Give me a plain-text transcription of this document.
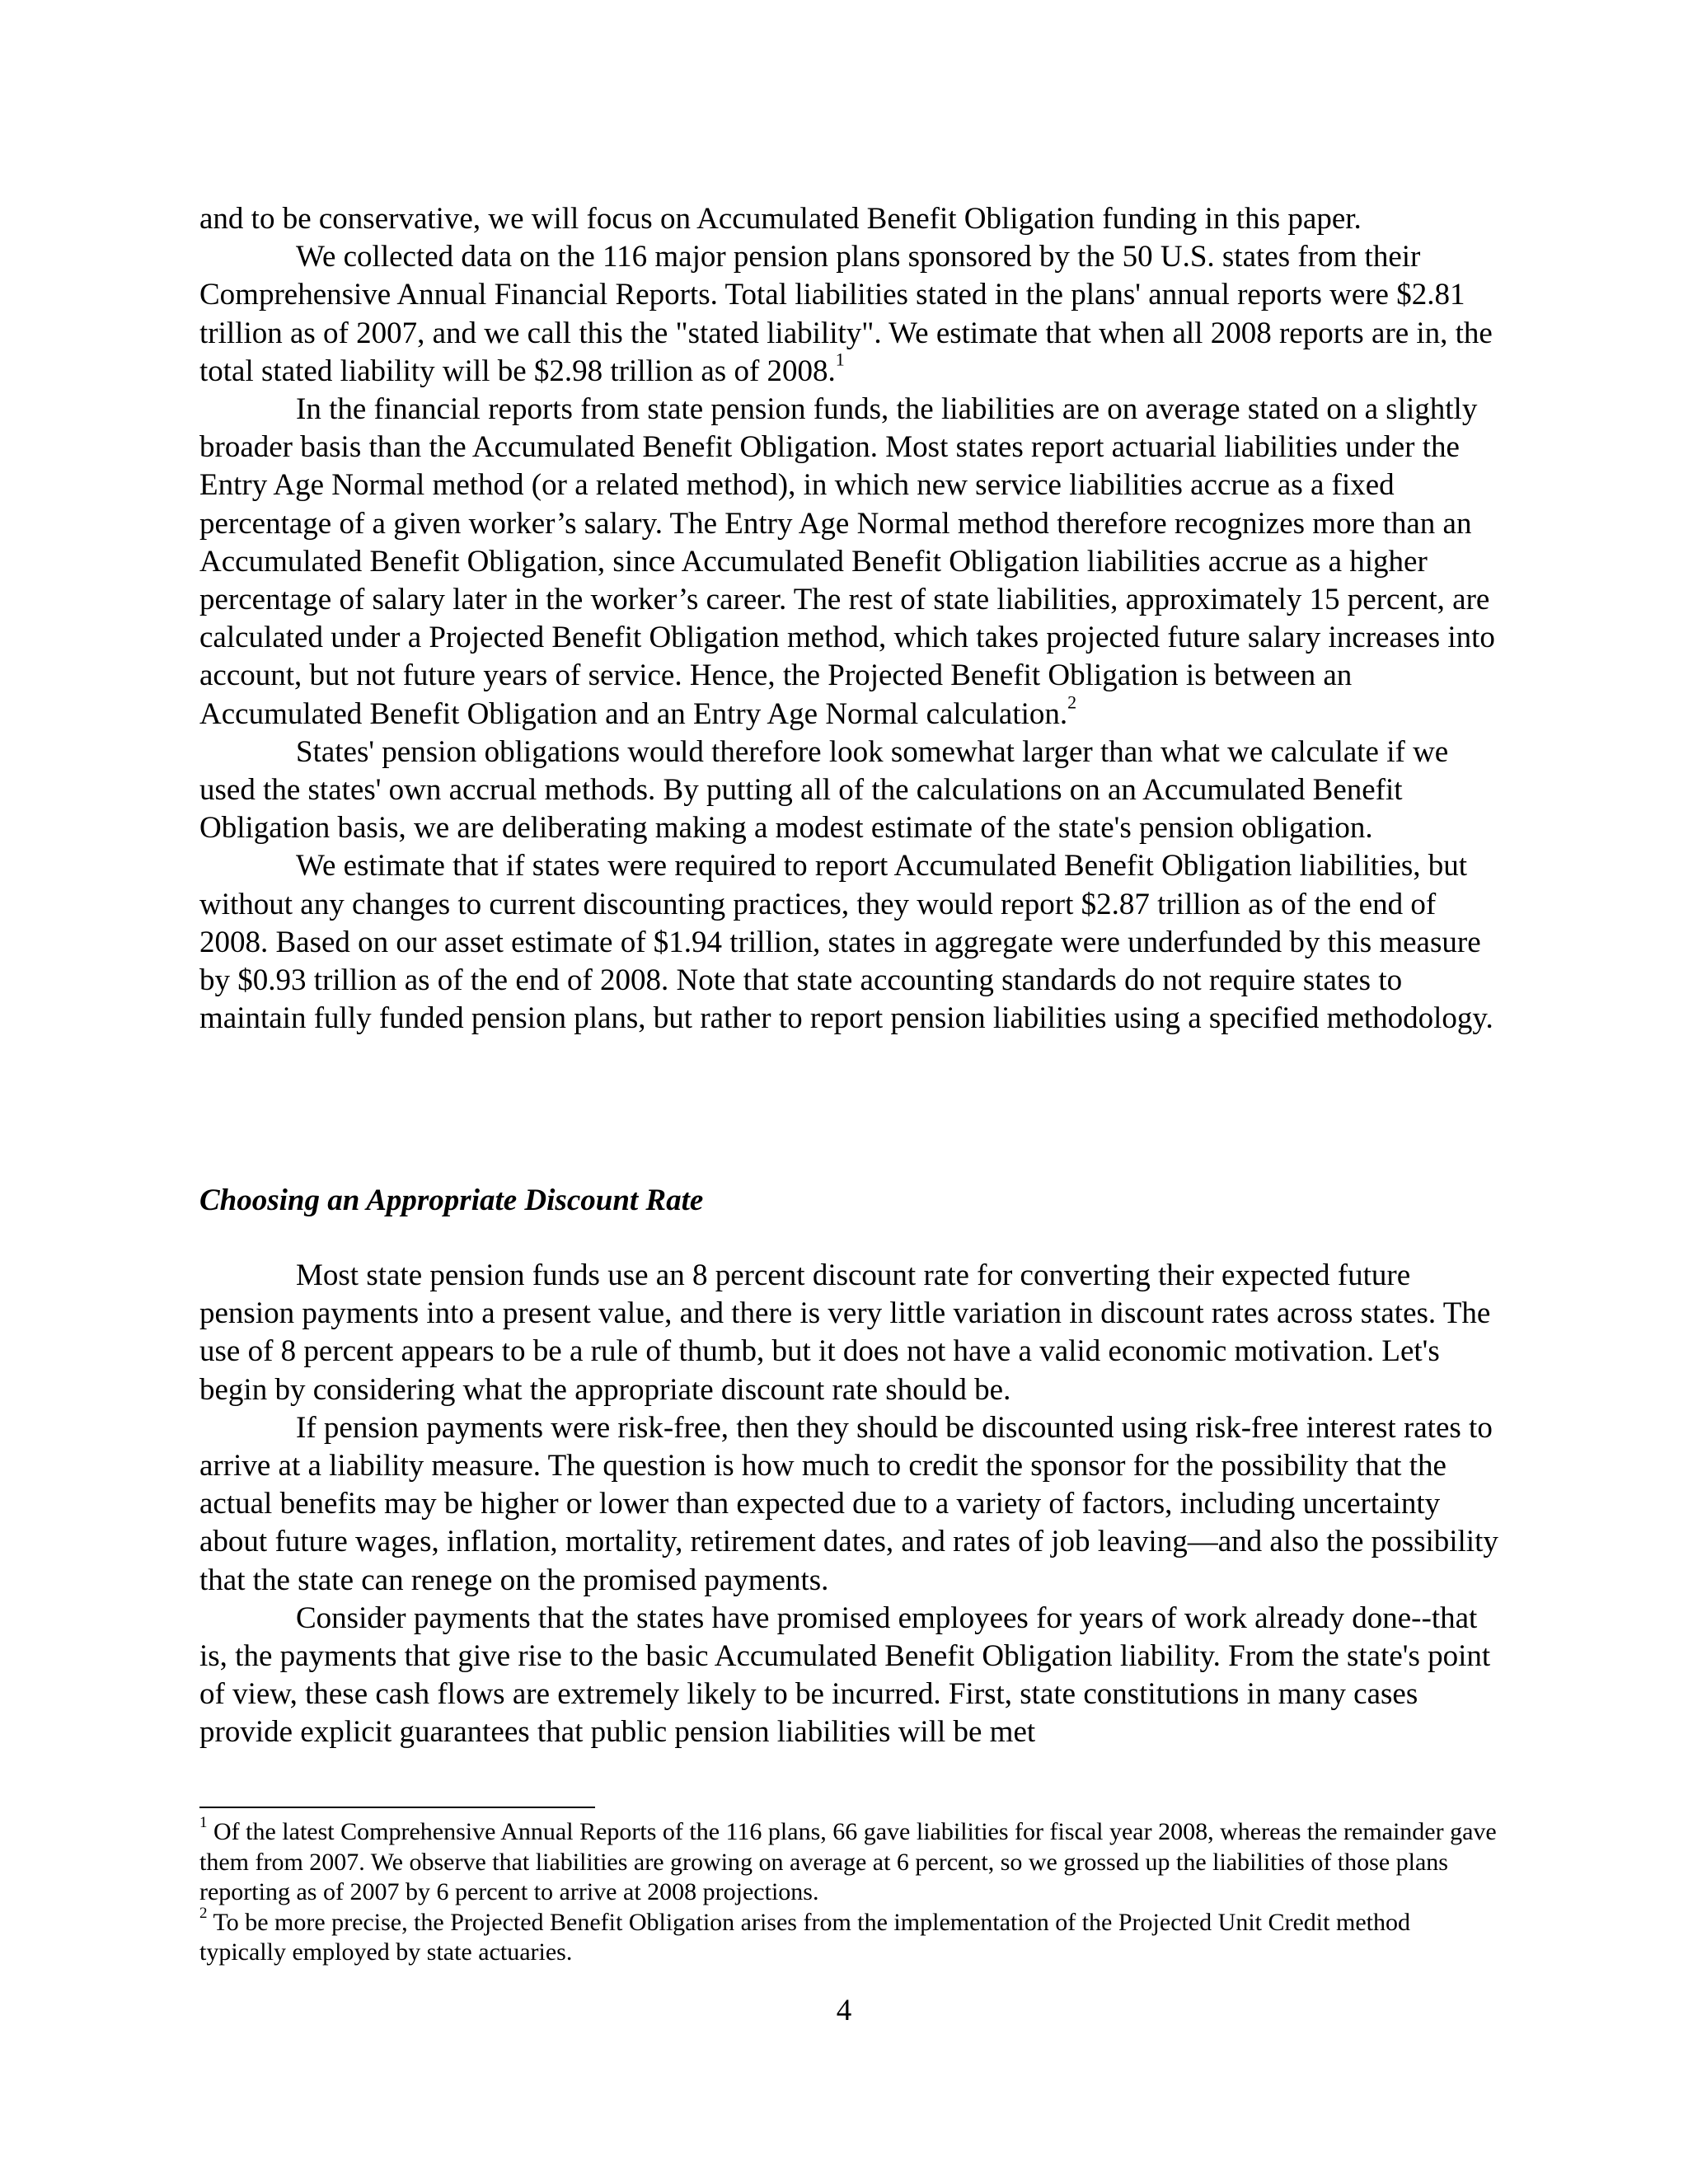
and to be conservative, we will focus on Accumulated Benefit Obligation funding in this paper.

We collected data on the 116 major pension plans sponsored by the 50 U.S. states from their Comprehensive Annual Financial Reports. Total liabilities stated in the plans' annual reports were $2.81 trillion as of 2007, and we call this the "stated liability". We estimate that when all 2008 reports are in, the total stated liability will be $2.98 trillion as of 2008.$^1$

In the financial reports from state pension funds, the liabilities are on average stated on a slightly broader basis than the Accumulated Benefit Obligation. Most states report actuarial liabilities under the Entry Age Normal method (or a related method), in which new service liabilities accrue as a fixed percentage of a given worker’s salary. The Entry Age Normal method therefore recognizes more than an Accumulated Benefit Obligation, since Accumulated Benefit Obligation liabilities accrue as a higher percentage of salary later in the worker’s career. The rest of state liabilities, approximately 15 percent, are calculated under a Projected Benefit Obligation method, which takes projected future salary increases into account, but not future years of service. Hence, the Projected Benefit Obligation is between an Accumulated Benefit Obligation and an Entry Age Normal calculation.$^2$

States' pension obligations would therefore look somewhat larger than what we calculate if we used the states' own accrual methods. By putting all of the calculations on an Accumulated Benefit Obligation basis, we are deliberating making a modest estimate of the state's pension obligation.

We estimate that if states were required to report Accumulated Benefit Obligation liabilities, but without any changes to current discounting practices, they would report $2.87 trillion as of the end of 2008. Based on our asset estimate of $1.94 trillion, states in aggregate were underfunded by this measure by $0.93 trillion as of the end of 2008. Note that state accounting standards do not require states to maintain fully funded pension plans, but rather to report pension liabilities using a specified methodology.

Choosing an Appropriate Discount Rate

Most state pension funds use an 8 percent discount rate for converting their expected future pension payments into a present value, and there is very little variation in discount rates across states. The use of 8 percent appears to be a rule of thumb, but it does not have a valid economic motivation. Let's begin by considering what the appropriate discount rate should be.

If pension payments were risk-free, then they should be discounted using risk-free interest rates to arrive at a liability measure. The question is how much to credit the sponsor for the possibility that the actual benefits may be higher or lower than expected due to a variety of factors, including uncertainty about future wages, inflation, mortality, retirement dates, and rates of job leaving—and also the possibility that the state can renege on the promised payments.

Consider payments that the states have promised employees for years of work already done--that is, the payments that give rise to the basic Accumulated Benefit Obligation liability. From the state's point of view, these cash flows are extremely likely to be incurred. First, state constitutions in many cases provide explicit guarantees that public pension liabilities will be met

$^1$ Of the latest Comprehensive Annual Reports of the 116 plans, 66 gave liabilities for fiscal year 2008, whereas the remainder gave them from 2007. We observe that liabilities are growing on average at 6 percent, so we grossed up the liabilities of those plans reporting as of 2007 by 6 percent to arrive at 2008 projections.

$^2$ To be more precise, the Projected Benefit Obligation arises from the implementation of the Projected Unit Credit method typically employed by state actuaries.

4
